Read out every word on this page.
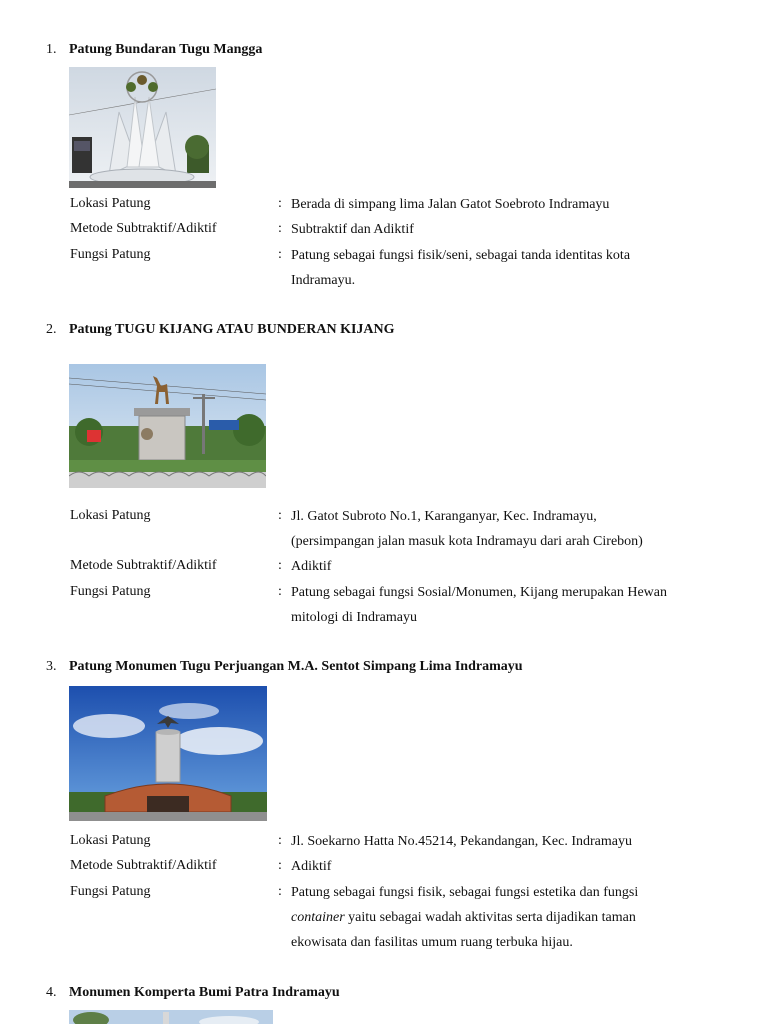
1. Patung Bundaran Tugu Mangga
Lokasi Patung	: Berada di simpang lima Jalan Gatot Soebroto Indramayu
Metode Subtraktif/Adiktif	: Subtraktif dan Adiktif
Fungsi Patung	: Patung sebagai fungsi fisik/seni, sebagai tanda identitas kota
Indramayu.
2. Patung TUGU KIJANG ATAU BUNDERAN KIJANG
Lokasi Patung	: Jl. Gatot Subroto No.1, Karanganyar, Kec. Indramayu,
(persimpangan jalan masuk kota Indramayu dari arah Cirebon)
Metode Subtraktif/Adiktif	: Adiktif
Fungsi Patung	: Patung sebagai fungsi Sosial/Monumen, Kijang merupakan Hewan
mitologi di Indramayu
3. Patung Monumen Tugu Perjuangan M.A. Sentot Simpang Lima Indramayu
Lokasi Patung	: Jl. Soekarno Hatta No.45214, Pekandangan, Kec. Indramayu
Metode Subtraktif/Adiktif	: Adiktif
Fungsi Patung	: Patung sebagai fungsi fisik, sebagai fungsi estetika dan fungsi
container yaitu sebagai wadah aktivitas serta dijadikan taman
ekowisata dan fasilitas umum ruang terbuka hijau.
4. Monumen Komperta Bumi Patra Indramayu
